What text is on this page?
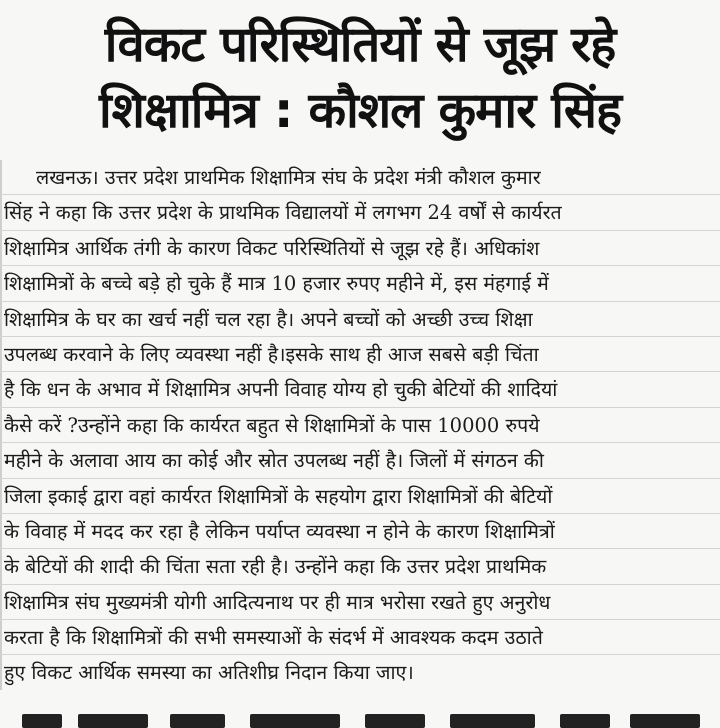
विकट परिस्थितियों से जूझ रहे
शिक्षामित्र : कौशल कुमार सिंह
लखनऊ। उत्तर प्रदेश प्राथमिक शिक्षामित्र संघ के प्रदेश मंत्री कौशल कुमार
सिंह ने कहा कि उत्तर प्रदेश के प्राथमिक विद्यालयों में लगभग 24 वर्षों से कार्यरत
शिक्षामित्र आर्थिक तंगी के कारण विकट परिस्थितियों से जूझ रहे हैं। अधिकांश
शिक्षामित्रों के बच्चे बड़े हो चुके हैं मात्र 10 हजार रुपए महीने में, इस मंहगाई में
शिक्षामित्र के घर का खर्च नहीं चल रहा है। अपने बच्चों को अच्छी उच्च शिक्षा
उपलब्ध करवाने के लिए व्यवस्था नहीं है।इसके साथ ही आज सबसे बड़ी चिंता
है कि धन के अभाव में शिक्षामित्र अपनी विवाह योग्य हो चुकी बेटियों की शादियां
कैसे करें ?उन्होंने कहा कि कार्यरत बहुत से शिक्षामित्रों के पास 10000 रुपये
महीने के अलावा आय का कोई और स्रोत उपलब्ध नहीं है। जिलों में संगठन की
जिला इकाई द्वारा वहां कार्यरत शिक्षामित्रों के सहयोग द्वारा शिक्षामित्रों की बेटियों
के विवाह में मदद कर रहा है लेकिन पर्याप्त व्यवस्था न होने के कारण शिक्षामित्रों
के बेटियों की शादी की चिंता सता रही है। उन्होंने कहा कि उत्तर प्रदेश प्राथमिक
शिक्षामित्र संघ मुख्यमंत्री योगी आदित्यनाथ पर ही मात्र भरोसा रखते हुए अनुरोध
करता है कि शिक्षामित्रों की सभी समस्याओं के संदर्भ में आवश्यक कदम उठाते
हुए विकट आर्थिक समस्या का अतिशीघ्र निदान किया जाए।
